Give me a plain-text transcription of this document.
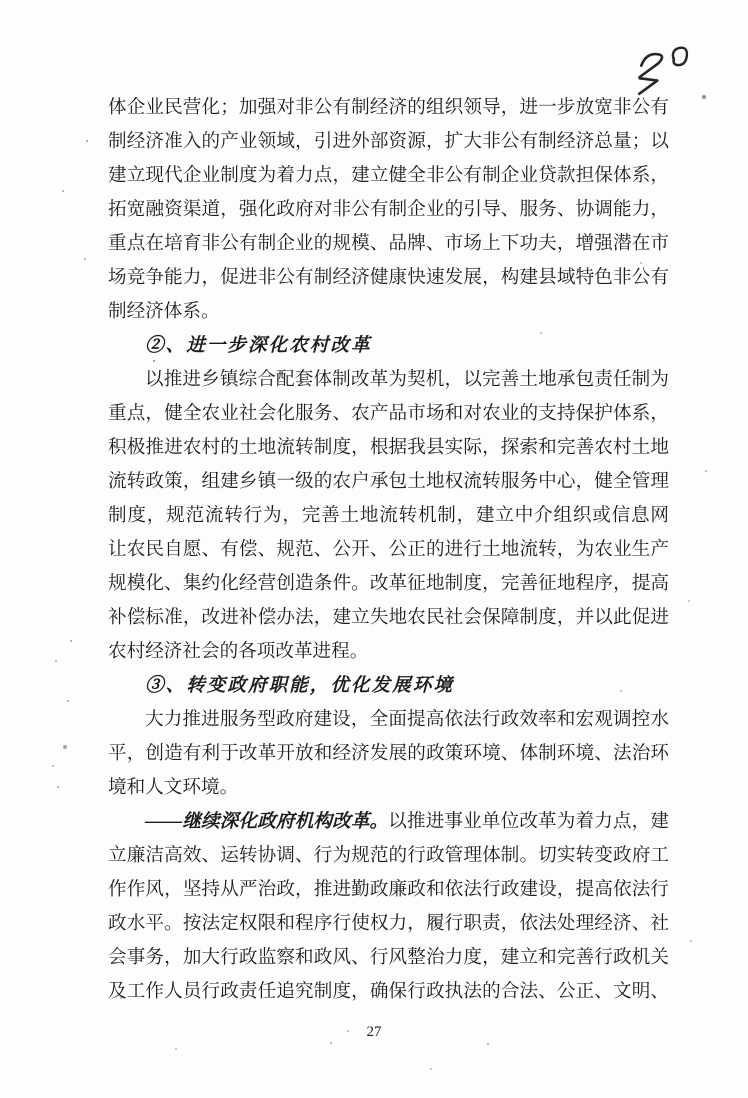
体企业民营化；加强对非公有制经济的组织领导，进一步放宽非公有
制经济准入的产业领域，引进外部资源，扩大非公有制经济总量；以
建立现代企业制度为着力点，建立健全非公有制企业贷款担保体系，
拓宽融资渠道，强化政府对非公有制企业的引导、服务、协调能力，
重点在培育非公有制企业的规模、品牌、市场上下功夫，增强潜在市
场竞争能力，促进非公有制经济健康快速发展，构建县域特色非公有
制经济体系。
②、进一步深化农村改革
以推进乡镇综合配套体制改革为契机，以完善土地承包责任制为
重点，健全农业社会化服务、农产品市场和对农业的支持保护体系，
积极推进农村的土地流转制度，根据我县实际，探索和完善农村土地
流转政策，组建乡镇一级的农户承包土地权流转服务中心，健全管理
制度，规范流转行为，完善土地流转机制，建立中介组织或信息网
让农民自愿、有偿、规范、公开、公正的进行土地流转，为农业生产
规模化、集约化经营创造条件。改革征地制度，完善征地程序，提高
补偿标准，改进补偿办法，建立失地农民社会保障制度，并以此促进
农村经济社会的各项改革进程。
③、转变政府职能，优化发展环境
大力推进服务型政府建设，全面提高依法行政效率和宏观调控水
平，创造有利于改革开放和经济发展的政策环境、体制环境、法治环
境和人文环境。
——继续深化政府机构改革。以推进事业单位改革为着力点，建
立廉洁高效、运转协调、行为规范的行政管理体制。切实转变政府工
作作风，坚持从严治政，推进勤政廉政和依法行政建设，提高依法行
政水平。按法定权限和程序行使权力，履行职责，依法处理经济、社
会事务，加大行政监察和政风、行风整治力度，建立和完善行政机关
及工作人员行政责任追究制度，确保行政执法的合法、公正、文明、
27
